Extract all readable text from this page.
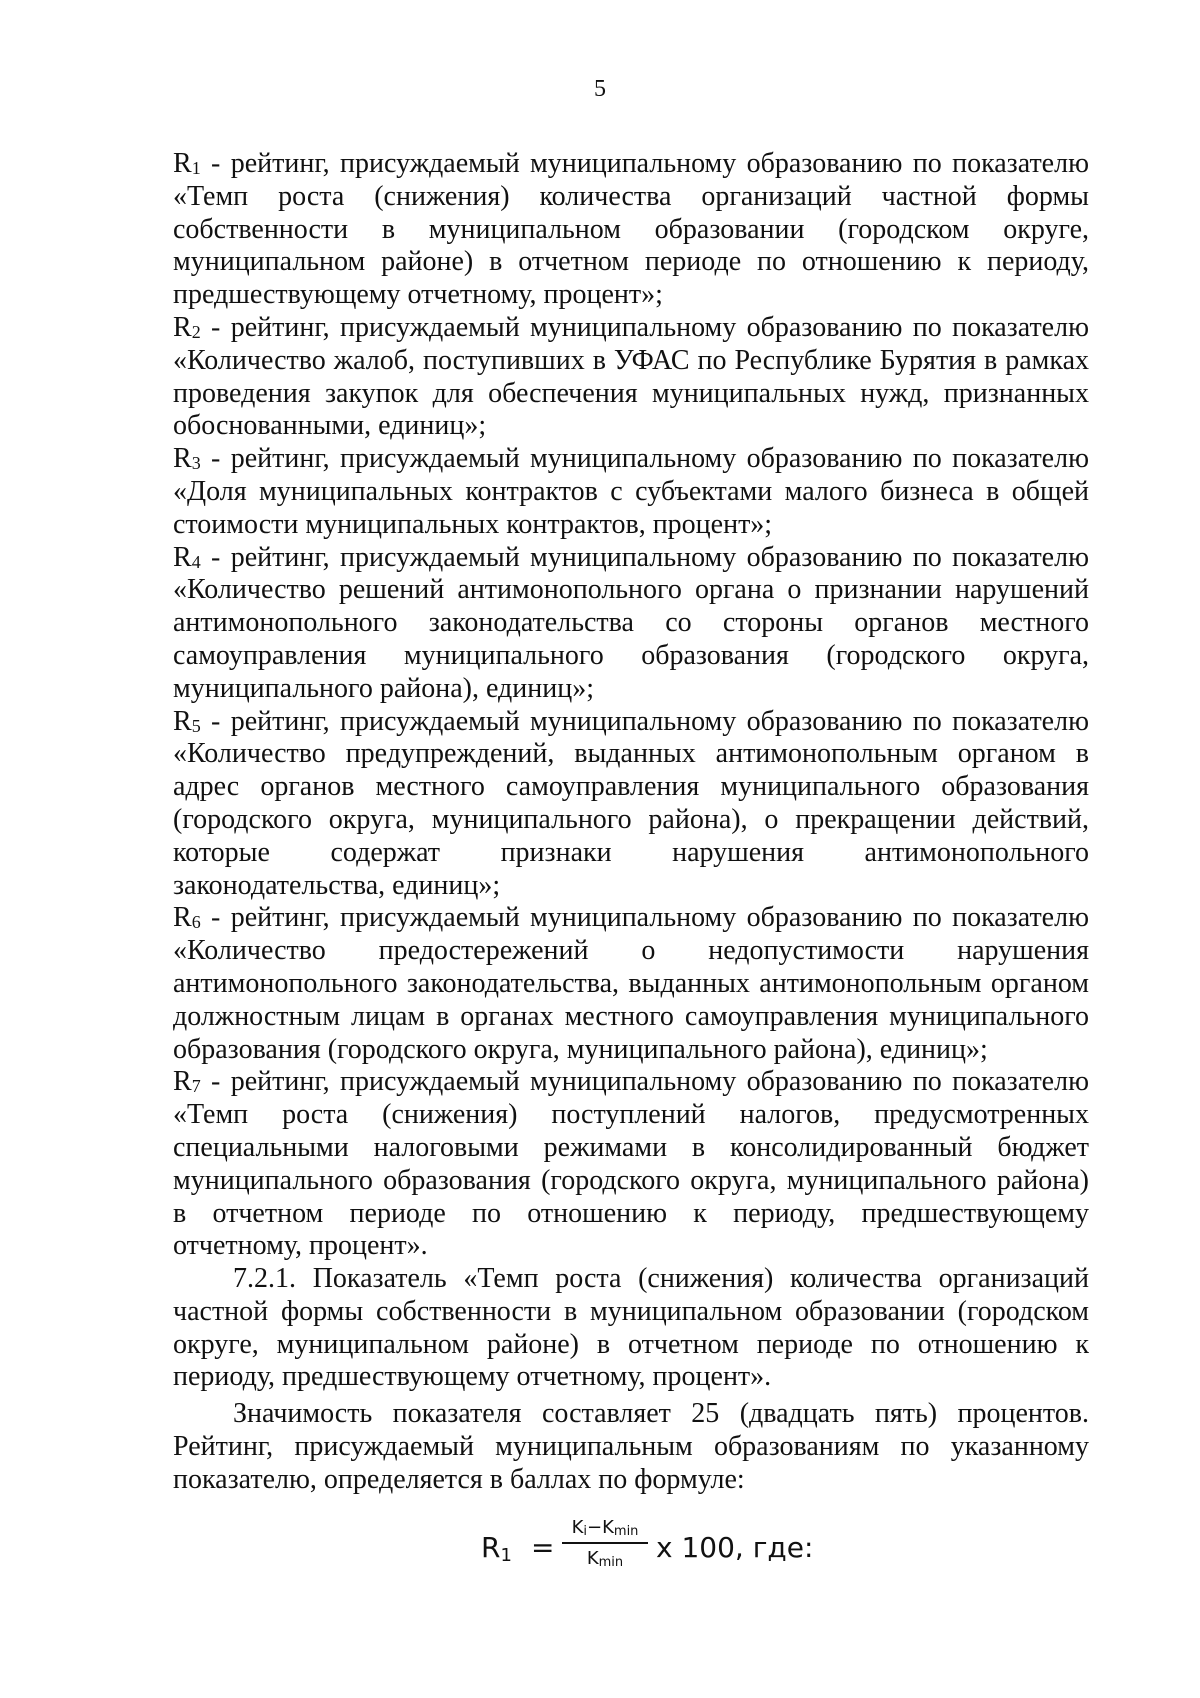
5

$R_1$ - рейтинг, присуждаемый муниципальному образованию по показателю «Темп роста (снижения) количества организаций частной формы собственности в муниципальном образовании (городском округе, муниципальном районе) в отчетном периоде по отношению к периоду, предшествующему отчетному, процент»;

$R_2$ - рейтинг, присуждаемый муниципальному образованию по показателю «Количество жалоб, поступивших в УФАС по Республике Бурятия в рамках проведения закупок для обеспечения муниципальных нужд, признанных обоснованными, единиц»;

$R_3$ - рейтинг, присуждаемый муниципальному образованию по показателю «Доля муниципальных контрактов с субъектами малого бизнеса в общей стоимости муниципальных контрактов, процент»;

$R_4$ - рейтинг, присуждаемый муниципальному образованию по показателю «Количество решений антимонопольного органа о признании нарушений антимонопольного законодательства со стороны органов местного самоуправления муниципального образования (городского округа, муниципального района), единиц»;

$R_5$ - рейтинг, присуждаемый муниципальному образованию по показателю «Количество предупреждений, выданных антимонопольным органом в адрес органов местного самоуправления муниципального образования (городского округа, муниципального района), о прекращении действий, которые содержат признаки нарушения антимонопольного законодательства, единиц»;

$R_6$ - рейтинг, присуждаемый муниципальному образованию по показателю «Количество предостережений о недопустимости нарушения антимонопольного законодательства, выданных антимонопольным органом должностным лицам в органах местного самоуправления муниципального образования (городского округа, муниципального района), единиц»;

$R_7$ - рейтинг, присуждаемый муниципальному образованию по показателю «Темп роста (снижения) поступлений налогов, предусмотренных специальными налоговыми режимами в консолидированный бюджет муниципального образования (городского округа, муниципального района) в отчетном периоде по отношению к периоду, предшествующему отчетному, процент».

7.2.1. Показатель «Темп роста (снижения) количества организаций частной формы собственности в муниципальном образовании (городском округе, муниципальном районе) в отчетном периоде по отношению к периоду, предшествующему отчетному, процент».

Значимость показателя составляет 25 (двадцать пять) процентов. Рейтинг, присуждаемый муниципальным образованиям по указанному показателю, определяется в баллах по формуле:

$R_1$ =
$K_i-K_{min}$
$K_{min}$	х 100, где:
